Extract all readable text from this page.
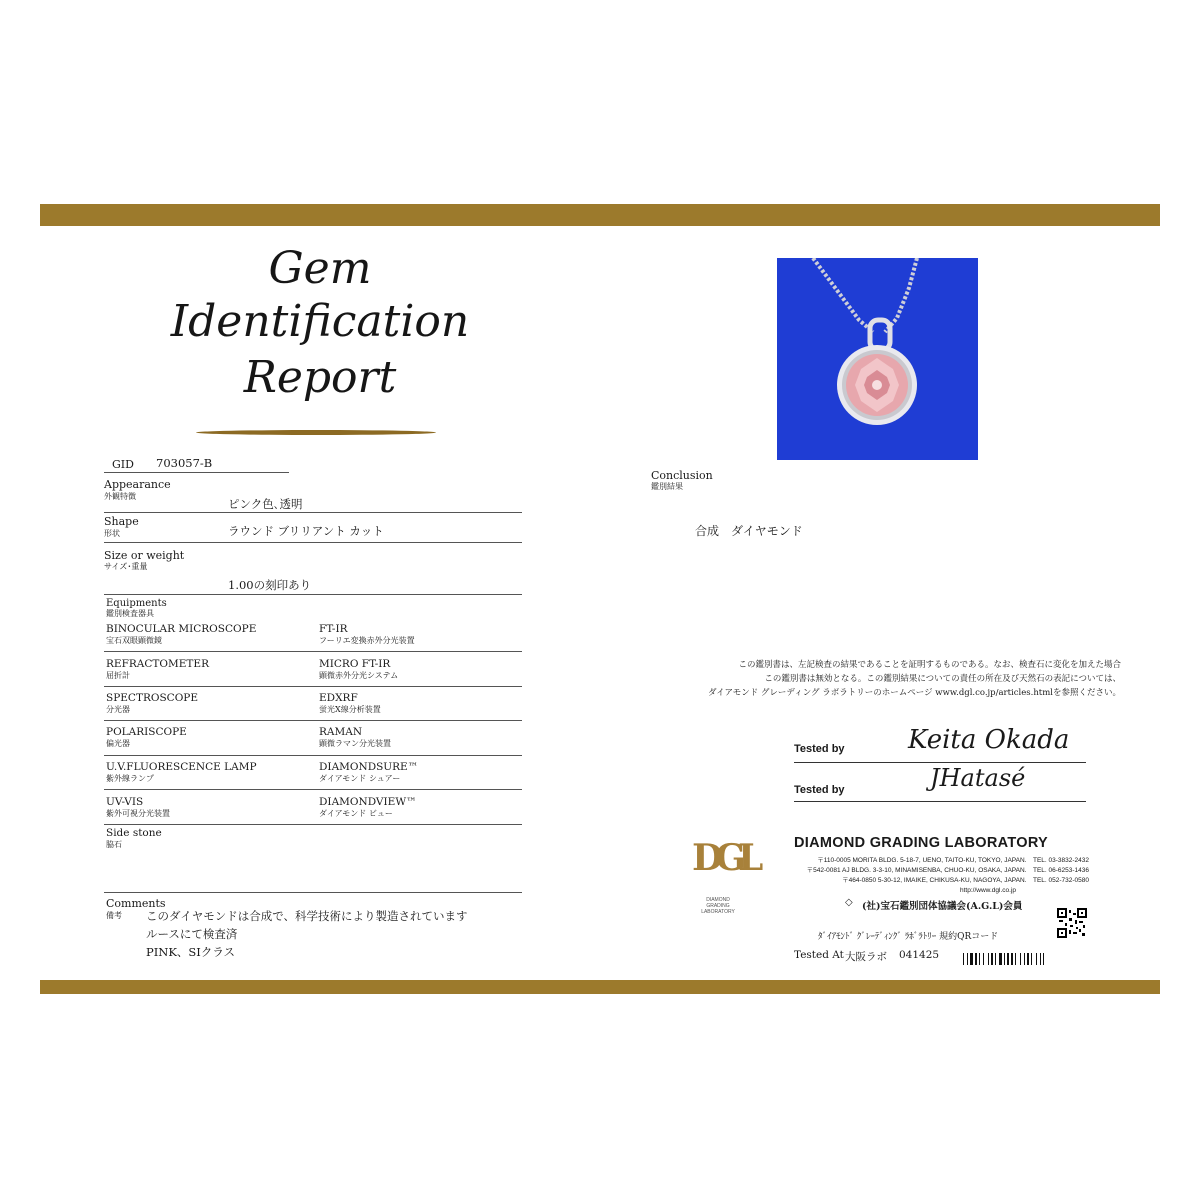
Gem
Identification
Report
GID 703057-B
Appearance
外観特徴
ピンク色､透明
Shape
形状	ラウンド ブリリアント カット
Size or weight
サイズ･重量
1.00の刻印あり
Equipments
鑑別検査器具
BINOCULAR MICROSCOPE
宝石双眼顕微鏡
FT-IR
フーリエ変換赤外分光装置
REFRACTOMETER
屈折計
MICRO FT-IR
顕微赤外分光システム
SPECTROSCOPE
分光器
EDXRF
蛍光X線分析装置
POLARISCOPE
偏光器
RAMAN
顕微ラマン分光装置
U.V.FLUORESCENCE LAMP
紫外線ランプ
DIAMONDSURE™
ダイアモンド シュアー
UV-VIS
紫外可視分光装置
DIAMONDVIEW™
ダイアモンド ビュー
Side stone
脇石
Comments
備考 このダイヤモンドは合成で、科学技術により製造されています
ルースにて検査済
PINK、SIクラス
Conclusion
鑑別結果
合成　ダイヤモンド
この鑑別書は、左記検査の結果であることを証明するものである。なお、検査石に変化を加えた場合
この鑑別書は無効となる。この鑑別結果についての責任の所在及び天然石の表記については、
ダイアモンド グレーディング ラボラトリーのホームページ www.dgl.co.jp/articles.htmlを参照ください。
Tested by Keita Okada
Tested by	JHatasé
DGL
DIAMOND
GRADING
LABORATORY
DIAMOND GRADING LABORATORY
〒110-0005 MORITA BLDG. 5-18-7, UENO, TAITO-KU, TOKYO, JAPAN.　TEL. 03-3832-2432
〒542-0081 AJ BLDG. 3-3-10, MINAMISENBA, CHUO-KU, OSAKA, JAPAN.　TEL. 06-6253-1436
〒464-0850 5-30-12, IMAIKE, CHIKUSA-KU, NAGOYA, JAPAN.　TEL. 052-732-0580
http://www.dgl.co.jp
◇ (社)宝石鑑別団体協議会(A.G.L)会員
ﾀﾞｲｱﾓﾝﾄﾞ ｸﾞﾚｰﾃﾞｨﾝｸﾞ ﾗﾎﾞﾗﾄﾘｰ 規約QRコード
Tested At 大阪ラボ 041425
